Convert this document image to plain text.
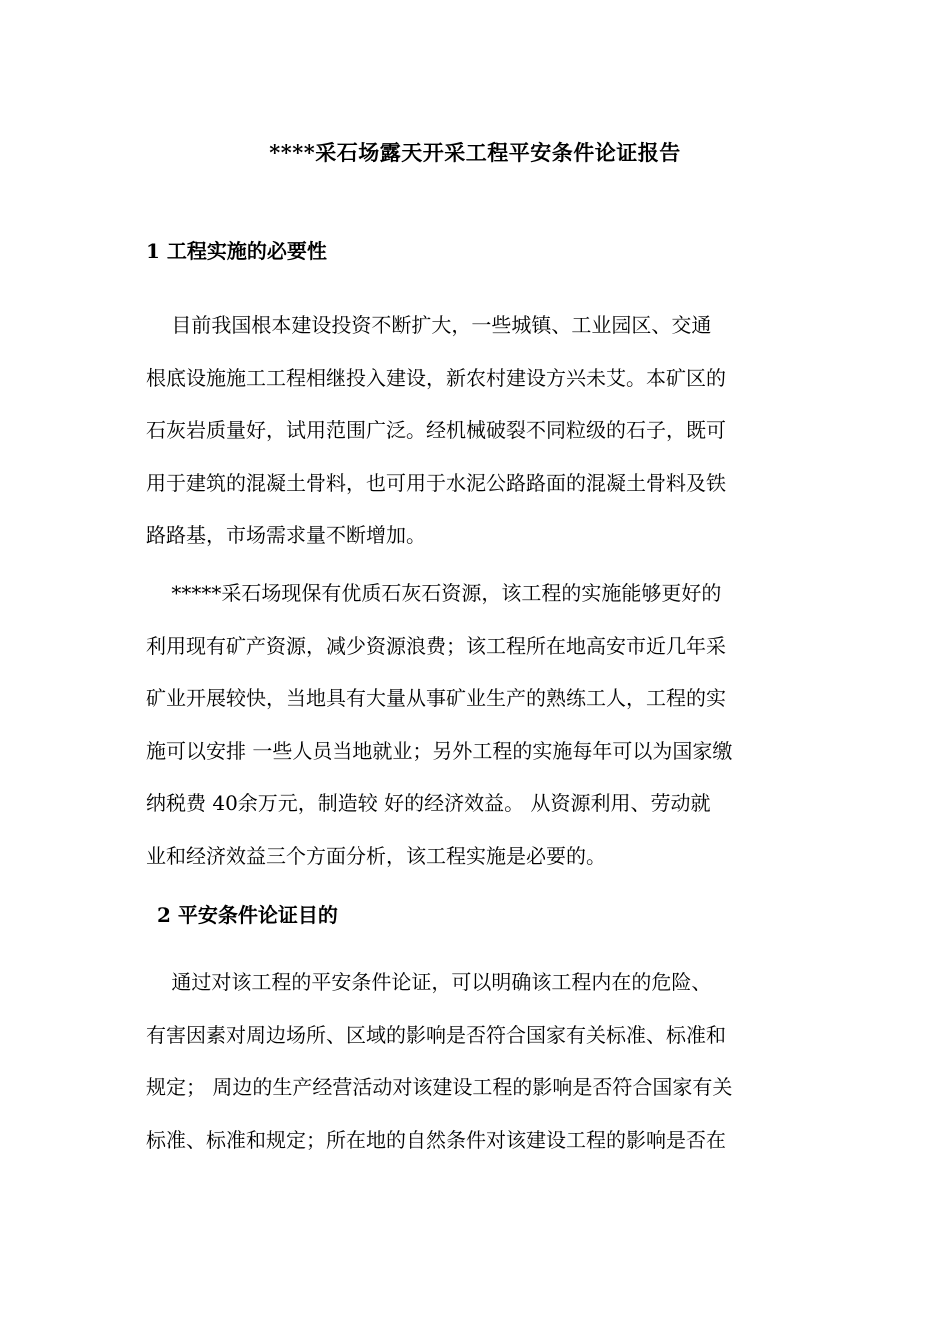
****采石场露天开采工程平安条件论证报告
1 工程实施的必要性
目前我国根本建设投资不断扩大，一些城镇、工业园区、交通
根底设施施工工程相继投入建设，新农村建设方兴未艾。本矿区的
石灰岩质量好，试用范围广泛。经机械破裂不同粒级的石子，既可
用于建筑的混凝土骨料，也可用于水泥公路路面的混凝土骨料及铁
路路基，市场需求量不断增加。
*****采石场现保有优质石灰石资源，该工程的实施能够更好的
利用现有矿产资源，减少资源浪费；该工程所在地高安市近几年采
矿业开展较快，当地具有大量从事矿业生产的熟练工人，工程的实
施可以安排 一些人员当地就业；另外工程的实施每年可以为国家缴
纳税费 40余万元，制造较 好的经济效益。 从资源利用、劳动就
业和经济效益三个方面分析，该工程实施是必要的。
2 平安条件论证目的
通过对该工程的平安条件论证，可以明确该工程内在的危险、
有害因素对周边场所、区域的影响是否符合国家有关标准、标准和
规定； 周边的生产经营活动对该建设工程的影响是否符合国家有关
标准、标准和规定；所在地的自然条件对该建设工程的影响是否在
